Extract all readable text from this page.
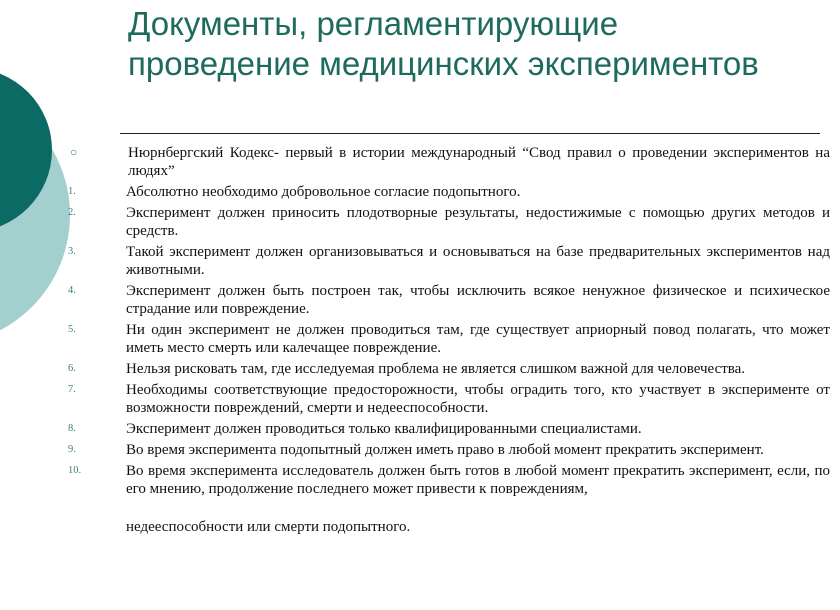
Документы, регламентирующие
проведение медицинских экспериментов
○	Нюрнбергский Кодекс- первый в истории международный “Свод правил о проведении экспериментов на людях”
1.	Абсолютно необходимо добровольное согласие подопытного.
2.	Эксперимент должен приносить плодотворные результаты, недостижимые с помощью других методов и средств.
3.	Такой эксперимент должен организовываться и основываться на базе предварительных экспериментов над животными.
4.	Эксперимент должен быть построен так, чтобы исключить всякое ненужное физическое и психическое страдание или повреждение.
5.	Ни один эксперимент не должен проводиться там, где существует априорный повод полагать, что может иметь место смерть или калечащее повреждение.
6.	Нельзя рисковать там, где исследуемая проблема не является слишком важной для человечества.
7.	Необходимы соответствующие предосторожности, чтобы оградить того, кто участвует в эксперименте от возможности повреждений, смерти и недееспособности.
8.	Эксперимент должен проводиться только квалифицированными специалистами.
9.	Во время эксперимента подопытный должен иметь право в любой момент прекратить эксперимент.
10.	Во время эксперимента исследователь должен быть готов в любой момент прекратить эксперимент, если, по его мнению, продолжение последнего может привести к повреждениям,
недееспособности или смерти подопытного.
